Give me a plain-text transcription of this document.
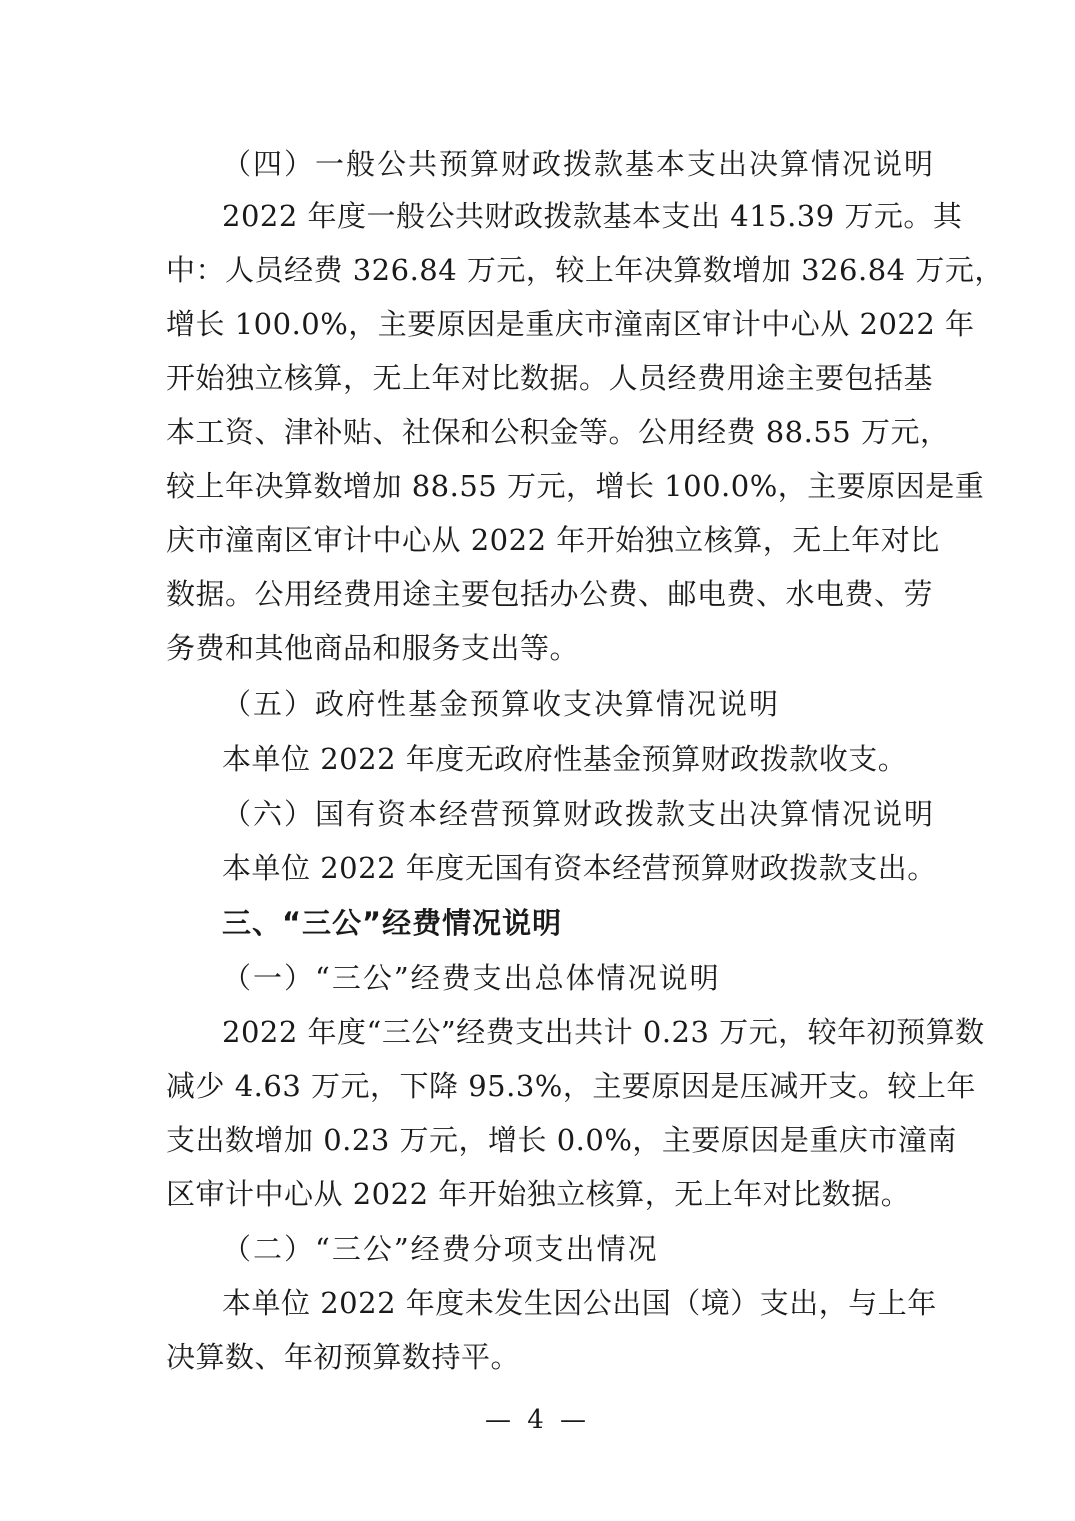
（四）一般公共预算财政拨款基本支出决算情况说明
2022 年度一般公共财政拨款基本支出 415.39 万元。其
中：人员经费 326.84 万元，较上年决算数增加 326.84 万元，
增长 100.0%，主要原因是重庆市潼南区审计中心从 2022 年
开始独立核算，无上年对比数据。人员经费用途主要包括基
本工资、津补贴、社保和公积金等。公用经费 88.55 万元，
较上年决算数增加 88.55 万元，增长 100.0%，主要原因是重
庆市潼南区审计中心从 2022 年开始独立核算，无上年对比
数据。公用经费用途主要包括办公费、邮电费、水电费、劳
务费和其他商品和服务支出等。
（五）政府性基金预算收支决算情况说明
本单位 2022 年度无政府性基金预算财政拨款收支。
（六）国有资本经营预算财政拨款支出决算情况说明
本单位 2022 年度无国有资本经营预算财政拨款支出。
三、“三公”经费情况说明
（一）“三公”经费支出总体情况说明
2022 年度“三公”经费支出共计 0.23 万元，较年初预算数
减少 4.63 万元，下降 95.3%，主要原因是压减开支。较上年
支出数增加 0.23 万元，增长 0.0%，主要原因是重庆市潼南
区审计中心从 2022 年开始独立核算，无上年对比数据。
（二）“三公”经费分项支出情况
本单位 2022 年度未发生因公出国（境）支出，与上年
决算数、年初预算数持平。
— 4 —
